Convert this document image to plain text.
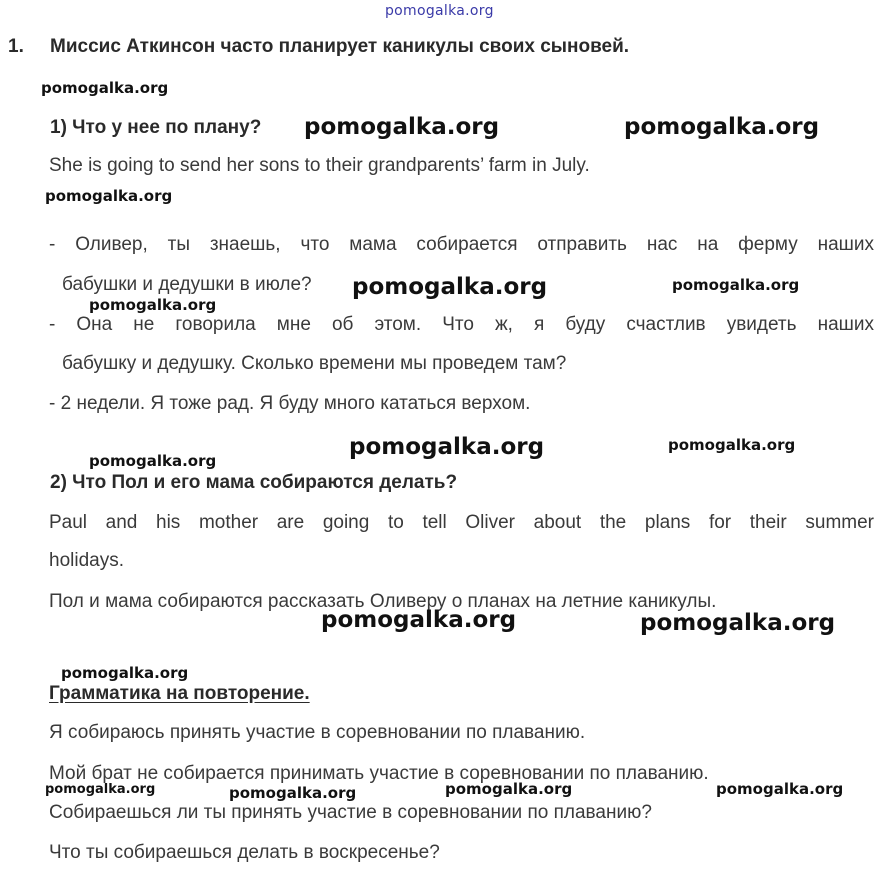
pomogalka.org
1. Миссис Аткинсон часто планирует каникулы своих сыновей.
1) Что у нее по плану?
She is going to send her sons to their grandparents’ farm in July.
- Оливер, ты знаешь, что мама собирается отправить нас на ферму наших
бабушки и дедушки в июле?
- Она не говорила мне об этом. Что ж, я буду счастлив увидеть наших
бабушку и дедушку. Сколько времени мы проведем там?
- 2 недели. Я тоже рад. Я буду много кататься верхом.
2) Что Пол и его мама собираются делать?
Paul and his mother are going to tell Oliver about the plans for their summer
holidays.
Пол и мама собираются рассказать Оливеру о планах на летние каникулы.
Грамматика на повторение.
Я собираюсь принять участие в соревновании по плаванию.
Мой брат не собирается принимать участие в соревновании по плаванию.
Собираешься ли ты принять участие в соревновании по плаванию?
Что ты собираешься делать в воскресенье?
pomogalka.org
pomogalka.org	pomogalka.org
pomogalka.org
pomogalka.org	pomogalka.org
pomogalka.org
pomogalka.org	pomogalka.org
pomogalka.org
pomogalka.org	pomogalka.org
pomogalka.org
pomogalka.org	pomogalka.org	pomogalka.org	pomogalka.org
